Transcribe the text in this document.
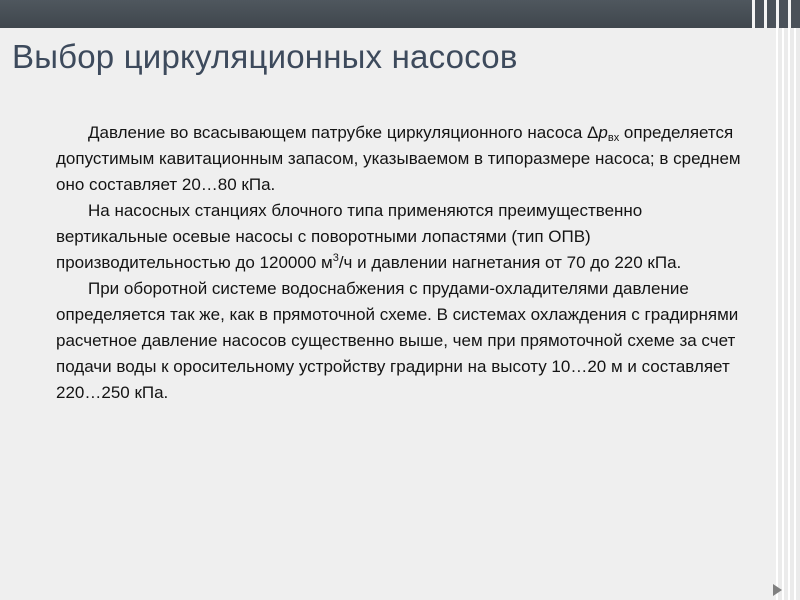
Выбор циркуляционных насосов

Давление во всасывающем патрубке циркуляционного насоса $\Delta p_{вх}$ определяется допустимым кавитационным запасом, указываемом в типоразмере насоса; в среднем оно составляет 20…80 кПа.

На насосных станциях блочного типа применяются преимущественно вертикальные осевые насосы с поворотными лопастями (тип ОПВ) производительностью до 120000 $м^3/ч$ и давлении нагнетания от 70 до 220 кПа.

При оборотной системе водоснабжения с прудами-охладителями давление определяется так же, как в прямоточной схеме. В системах охлаждения с градирнями расчетное давление насосов существенно выше, чем при прямоточной схеме за счет подачи воды к оросительному устройству градирни на высоту 10…20 м и составляет 220…250 кПа.
